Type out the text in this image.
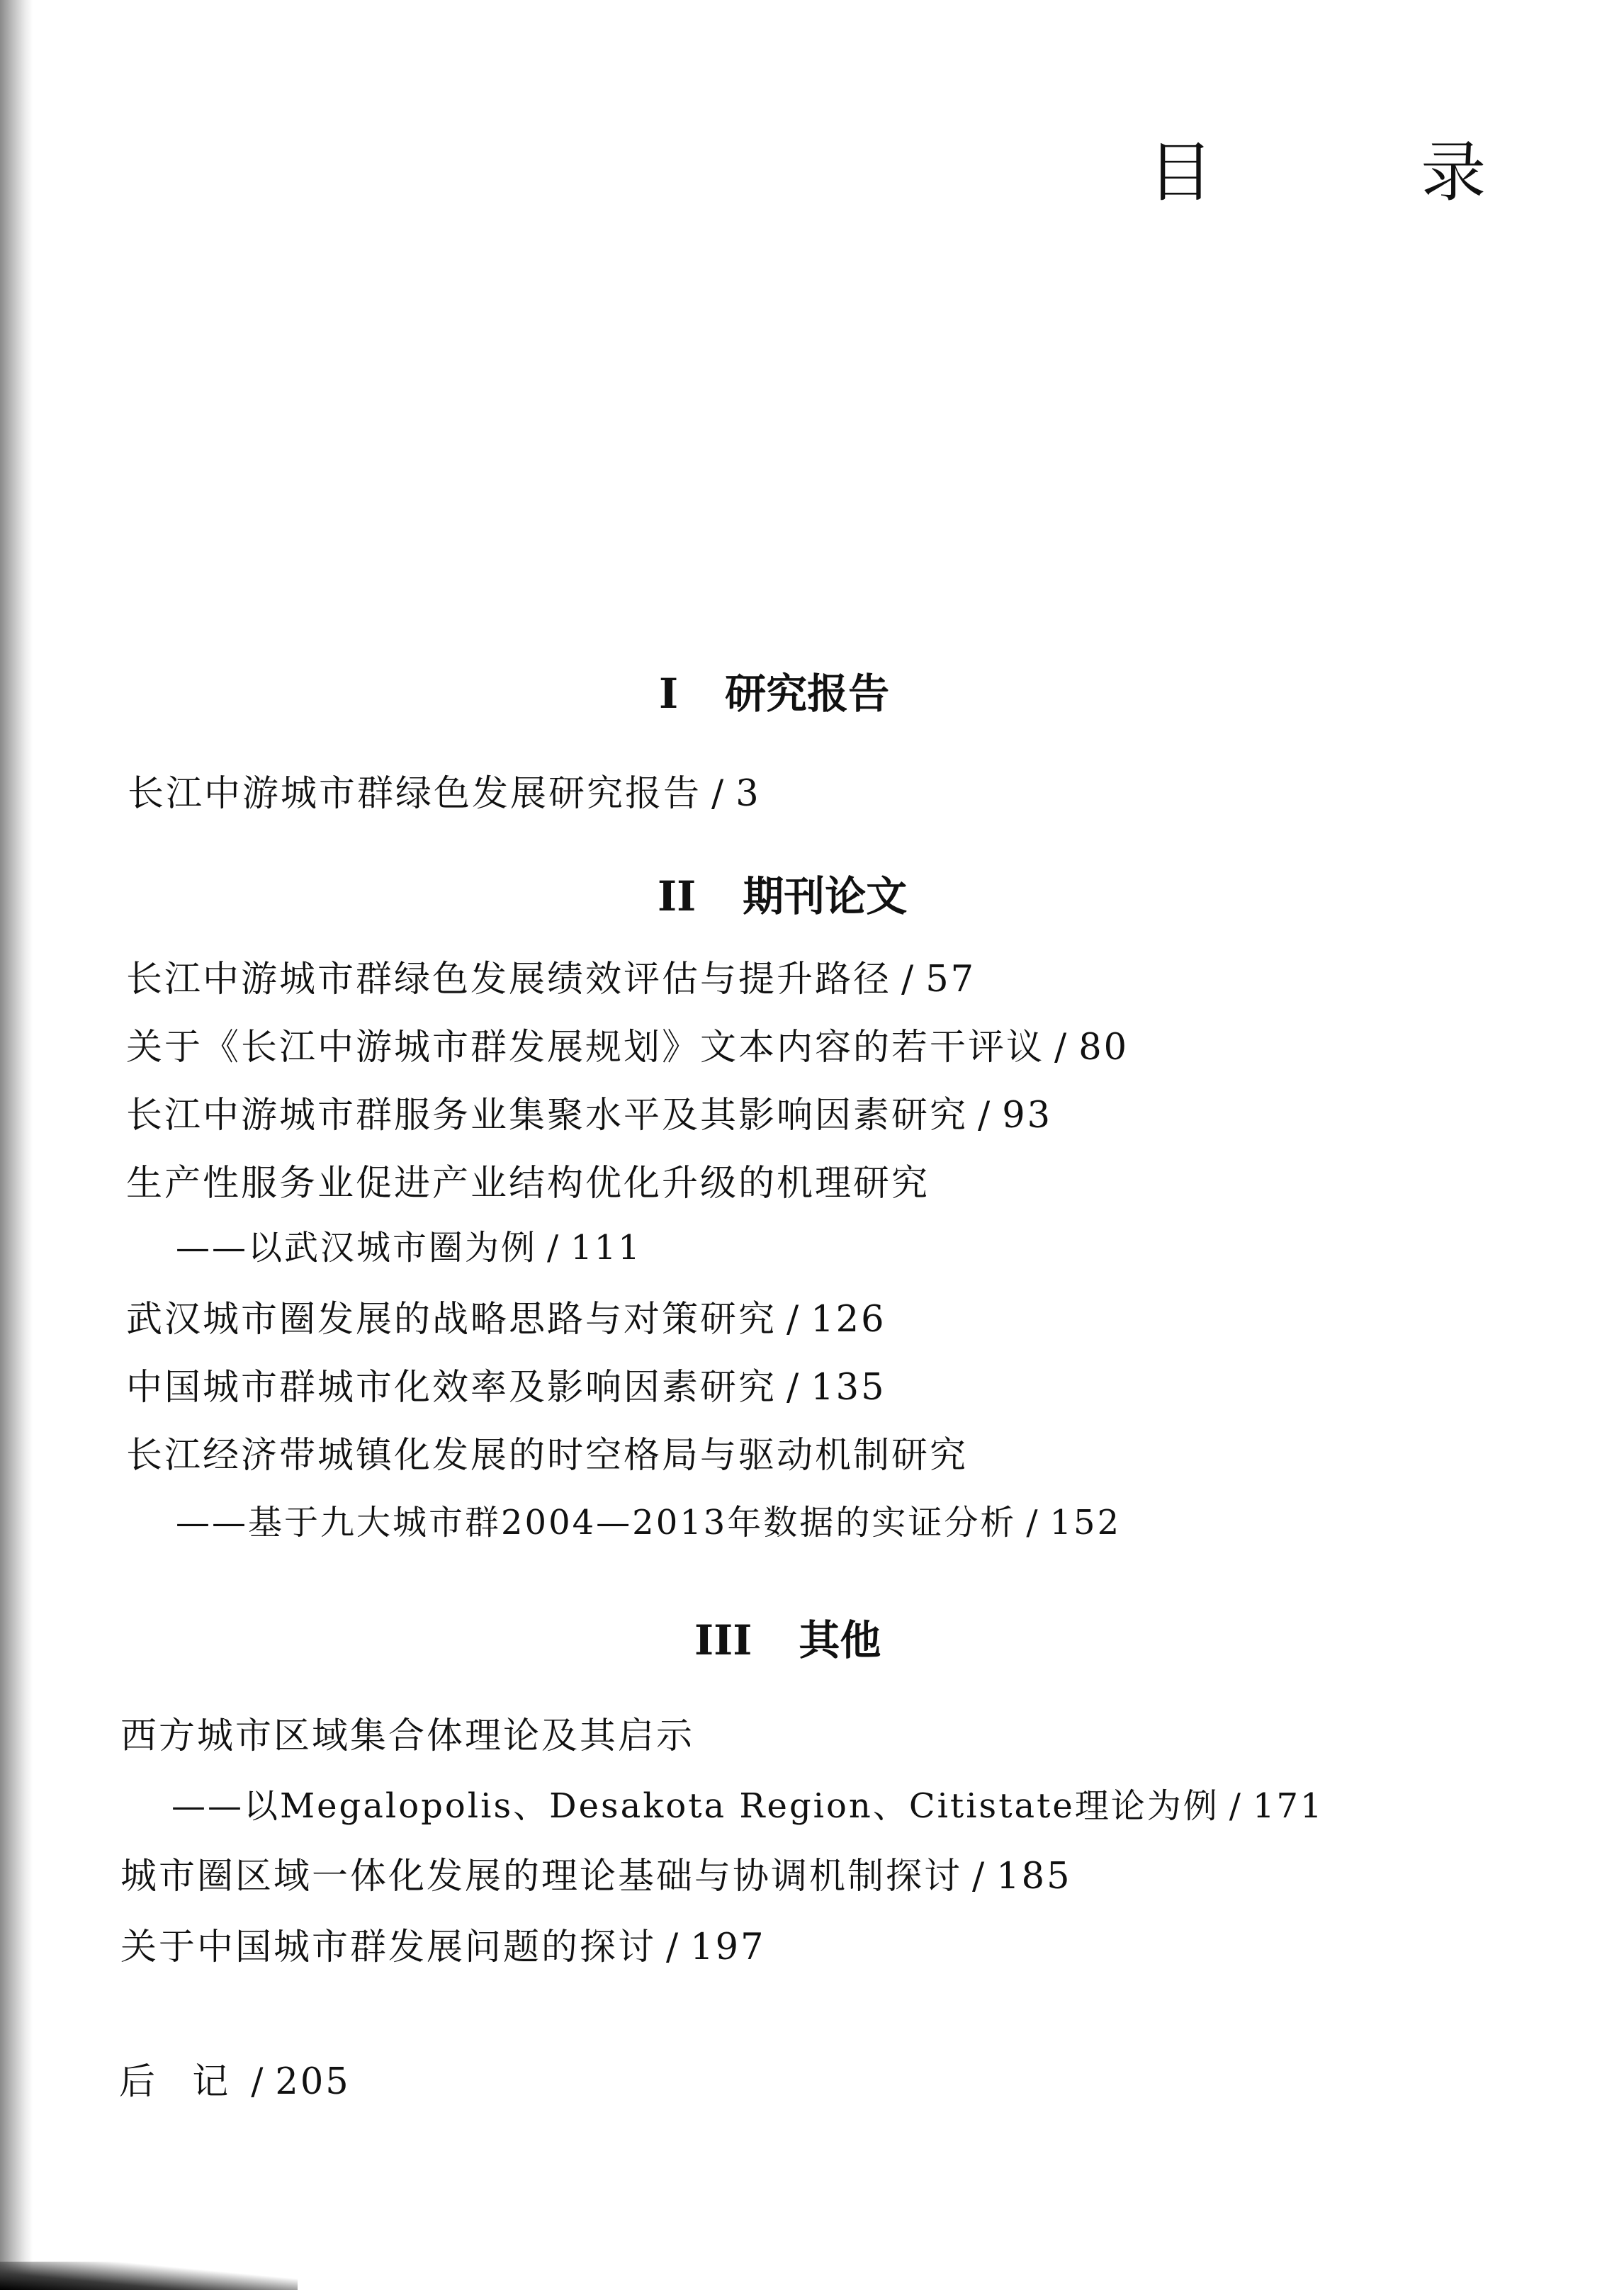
目 录
I 研究报告
长江中游城市群绿色发展研究报告 / 3
II 期刊论文
长江中游城市群绿色发展绩效评估与提升路径 / 57
关于《长江中游城市群发展规划》文本内容的若干评议 / 80
长江中游城市群服务业集聚水平及其影响因素研究 / 93
生产性服务业促进产业结构优化升级的机理研究
——以武汉城市圈为例 / 111
武汉城市圈发展的战略思路与对策研究 / 126
中国城市群城市化效率及影响因素研究 / 135
长江经济带城镇化发展的时空格局与驱动机制研究
——基于九大城市群2004—2013年数据的实证分析 / 152
III 其他
西方城市区域集合体理论及其启示
——以Megalopolis、Desakota Region、Citistate理论为例 / 171
城市圈区域一体化发展的理论基础与协调机制探讨 / 185
关于中国城市群发展问题的探讨 / 197
后 记 / 205
